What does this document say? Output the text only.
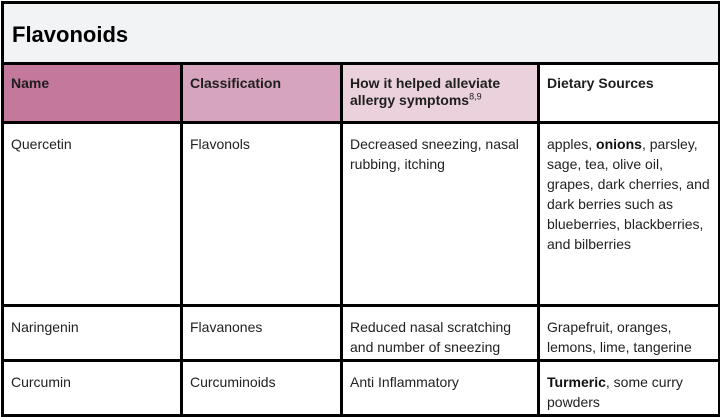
Flavonoids			

Name	Classification	How it helped alleviate allergy symptoms$^{8,9}$	Dietary Sources
Quercetin	Flavonols	Decreased sneezing, nasal rubbing, itching	apples, onions, parsley, sage, tea, olive oil, grapes, dark cherries, and dark berries such as blueberries, blackberries, and bilberries
Naringenin	Flavanones	Reduced nasal scratching and number of sneezing	Grapefruit, oranges, lemons, lime, tangerine
Curcumin	Curcuminoids	Anti Inflammatory	Turmeric, some curry powders
